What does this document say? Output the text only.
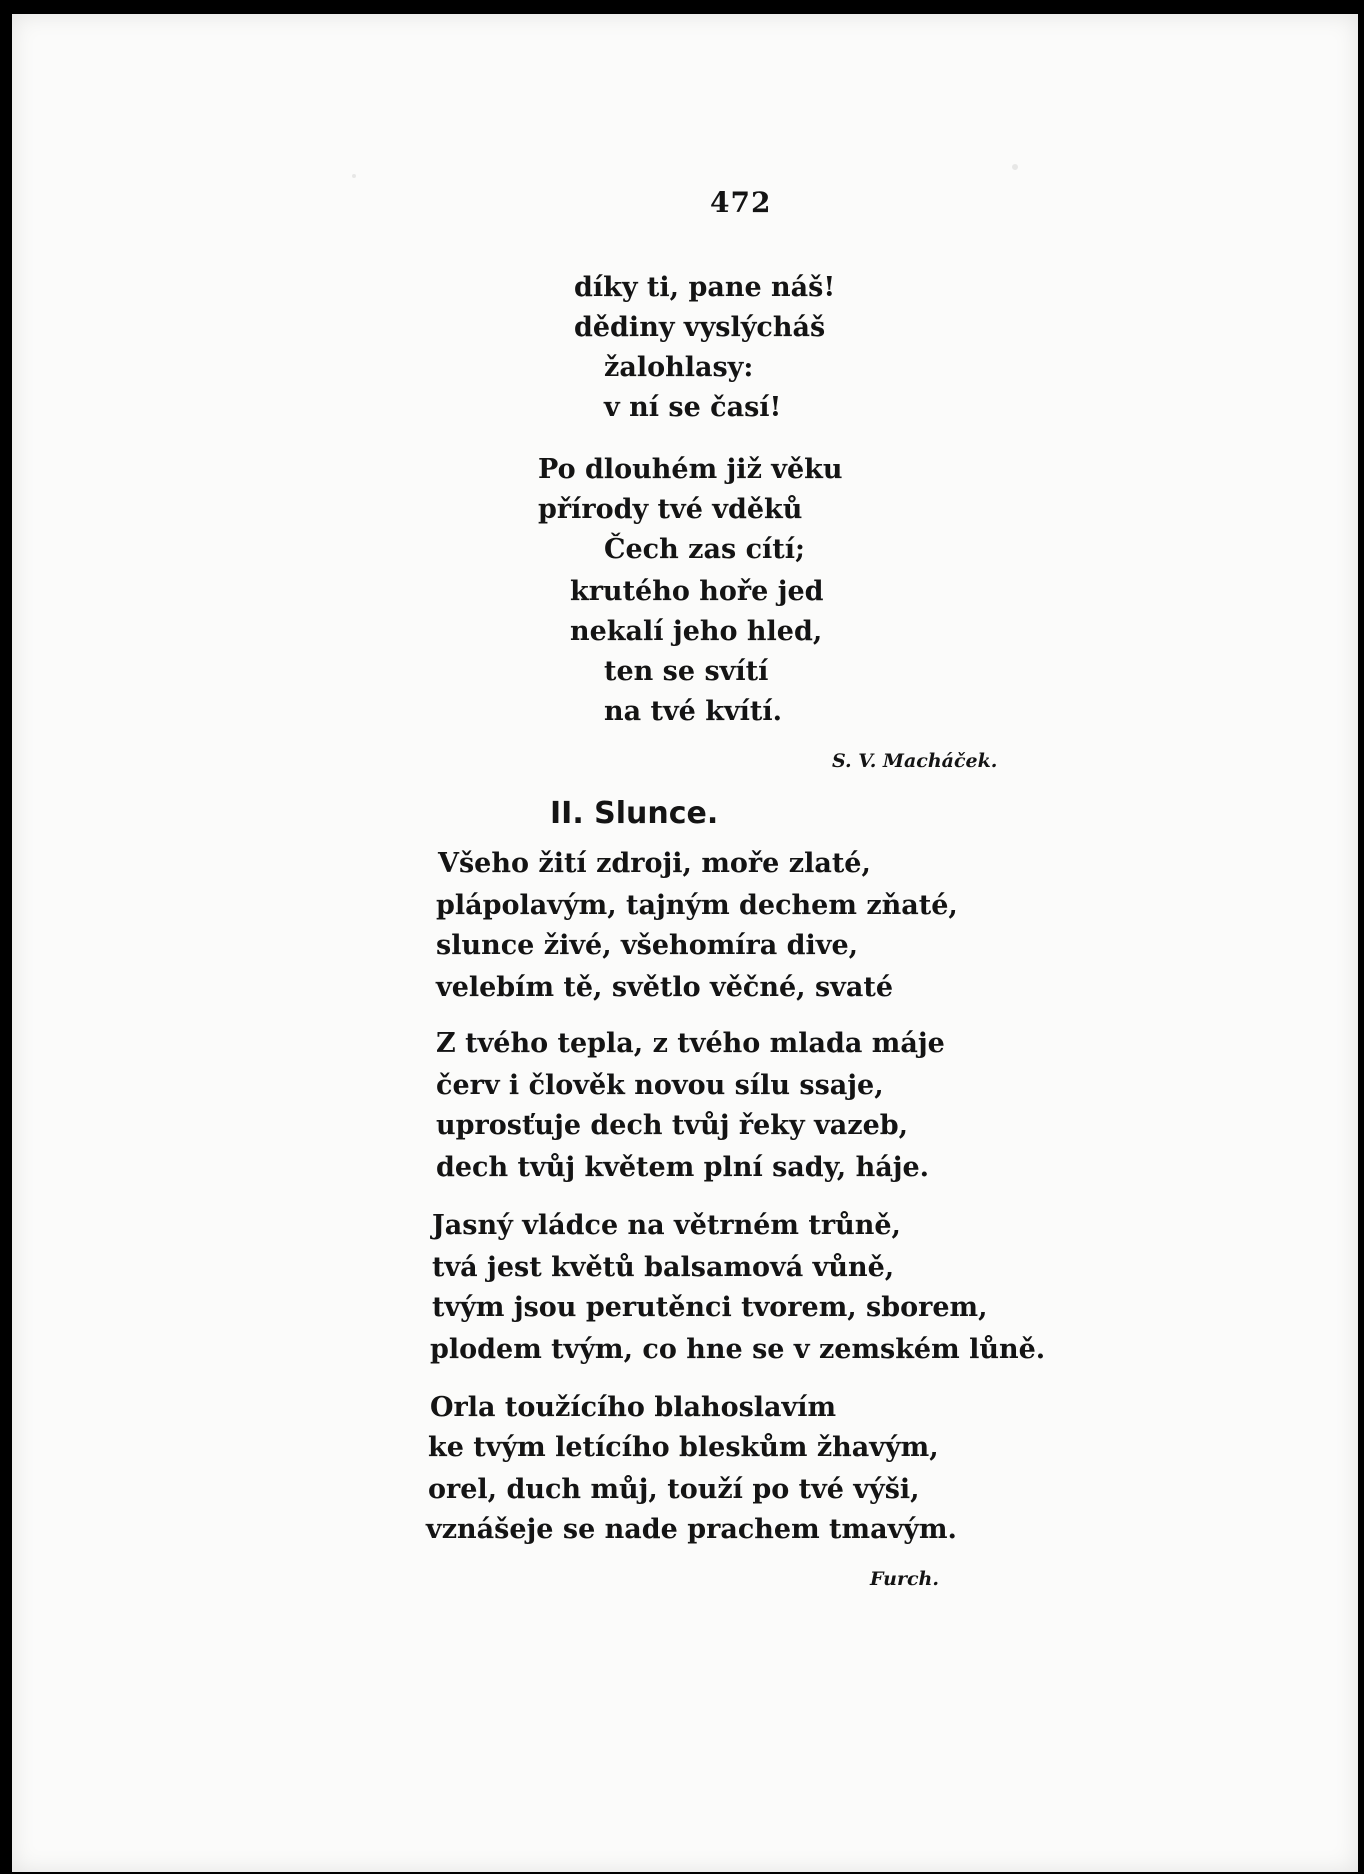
472
díky ti, pane náš!
dědiny vyslýcháš
žalohlasy:
v ní se časí!
Po dlouhém již věku
přírody tvé vděků
Čech zas cítí;
krutého hoře jed
nekalí jeho hled,
ten se svítí
na tvé kvítí.
S. V. Macháček.
II. Slunce.
Všeho žití zdroji, moře zlaté,
plápolavým, tajným dechem zňaté,
slunce živé, všehomíra dive,
velebím tě, světlo věčné, svaté
Z tvého tepla, z tvého mlada máje
červ i člověk novou sílu ssaje,
uprosťuje dech tvůj řeky vazeb,
dech tvůj květem plní sady, háje.
Jasný vládce na větrném trůně,
tvá jest květů balsamová vůně,
tvým jsou perutěnci tvorem, sborem,
plodem tvým, co hne se v zemském lůně.
Orla toužícího blahoslavím
ke tvým letícího bleskům žhavým,
orel, duch můj, touží po tvé výši,
vznášeje se nade prachem tmavým.
Furch.
